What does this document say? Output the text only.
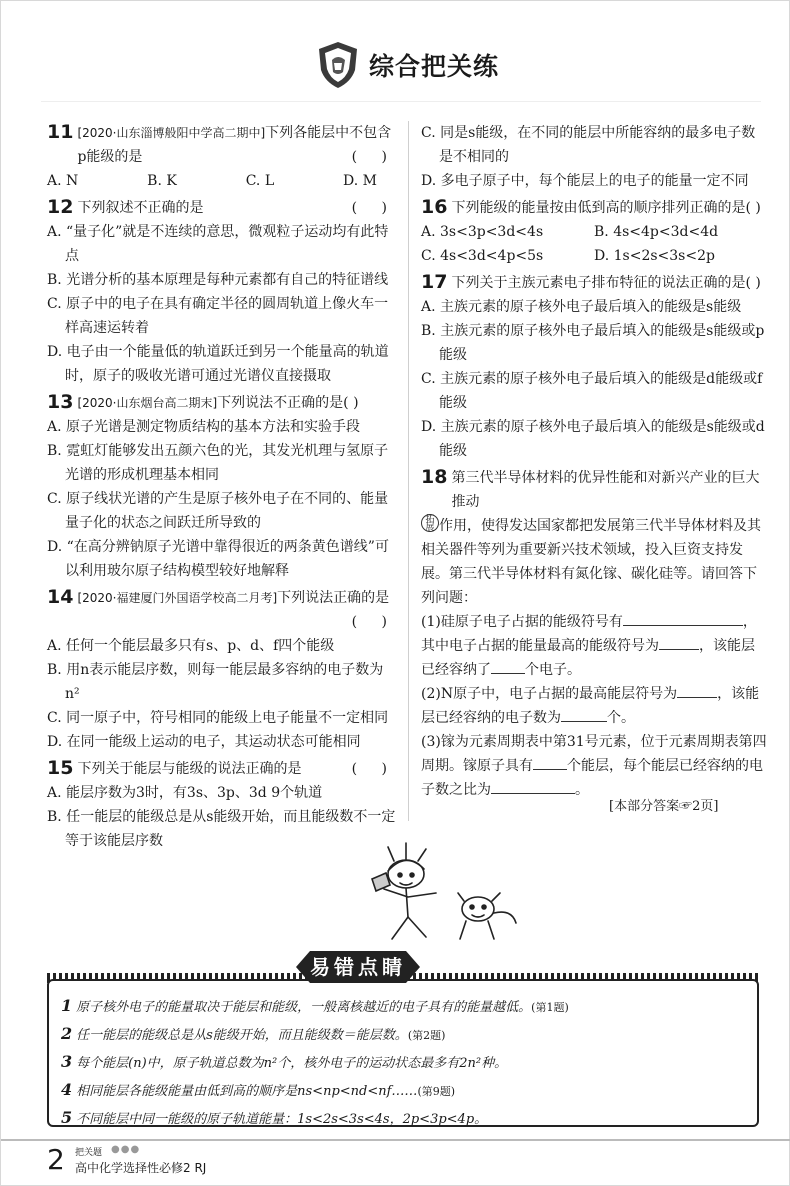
综合把关练
11 [2020·山东淄博般阳中学高二期中]下列各能层中不包含p能级的是	( )
A. N	B. K	C. L	D. M
12 下列叙述不正确的是	( )
A. “量子化”就是不连续的意思，微观粒子运动均有此特点
B. 光谱分析的基本原理是每种元素都有自己的特征谱线
C. 原子中的电子在具有确定半径的圆周轨道上像火车一样高速运转着
D. 电子由一个能量低的轨道跃迁到另一个能量高的轨道时，原子的吸收光谱可通过光谱仪直接摄取
13 [2020·山东烟台高二期末]下列说法不正确的是( )
A. 原子光谱是测定物质结构的基本方法和实验手段
B. 霓虹灯能够发出五颜六色的光，其发光机理与氢原子光谱的形成机理基本相同
C. 原子线状光谱的产生是原子核外电子在不同的、能量量子化的状态之间跃迁所导致的
D. “在高分辨钠原子光谱中靠得很近的两条黄色谱线”可以利用玻尔原子结构模型较好地解释
14 [2020·福建厦门外国语学校高二月考]下列说法正确的是
( )
A. 任何一个能层最多只有s、p、d、f四个能级
B. 用n表示能层序数，则每一能层最多容纳的电子数为n²
C. 同一原子中，符号相同的能级上电子能量不一定相同
D. 在同一能级上运动的电子，其运动状态可能相同
15 下列关于能层与能级的说法正确的是	( )
A. 能层序数为3时，有3s、3p、3d 9个轨道
B. 任一能层的能级总是从s能级开始，而且能级数不一定等于该能层序数
C. 同是s能级，在不同的能层中所能容纳的最多电子数是不相同的
D. 多电子原子中，每个能层上的电子的能量一定不同
16 下列能级的能量按由低到高的顺序排列正确的是( )
A. 3s<3p<3d<4s	B. 4s<4p<3d<4d
C. 4s<3d<4p<5s	D. 1s<2s<3s<2p
17 下列关于主族元素电子排布特征的说法正确的是( )
A. 主族元素的原子核外电子最后填入的能级是s能级
B. 主族元素的原子核外电子最后填入的能级是s能级或p能级
C. 主族元素的原子核外电子最后填入的能级是d能级或f能级
D. 主族元素的原子核外电子最后填入的能级是s能级或d能级
18 第三代半导体材料的优异性能和对新兴产业的巨大推动
拓展 作用，使得发达国家都把发展第三代半导体材料及其相关器件等列为重要新兴技术领域，投入巨资支持发展。第三代半导体材料有氮化镓、碳化硅等。请回答下列问题：
(1)硅原子电子占据的能级符号有	，其中电子占据的能量最高的能级符号为	，该能层已经容纳了 个电子。
(2)N原子中，电子占据的最高能层符号为	，该能层已经容纳的电子数为	个。
(3)镓为元素周期表中第31号元素，位于元素周期表第四周期。镓原子具有 个能层，每个能层已经容纳的电子数之比为	。
[本部分答案☞2页]
易错点睛
1 原子核外电子的能量取决于能层和能级，一般离核越近的电子具有的能量越低。(第1题)
2 任一能层的能级总是从s能级开始，而且能级数＝能层数。(第2题)
3 每个能层(n)中，原子轨道总数为n²个，核外电子的运动状态最多有2n²种。
4 相同能层各能级能量由低到高的顺序是ns<np<nd<nf……(第9题)
5 不同能层中同一能级的原子轨道能量：1s<2s<3s<4s，2p<3p<4p。
2 把关题 ●●●
高中化学选择性必修2 RJ
